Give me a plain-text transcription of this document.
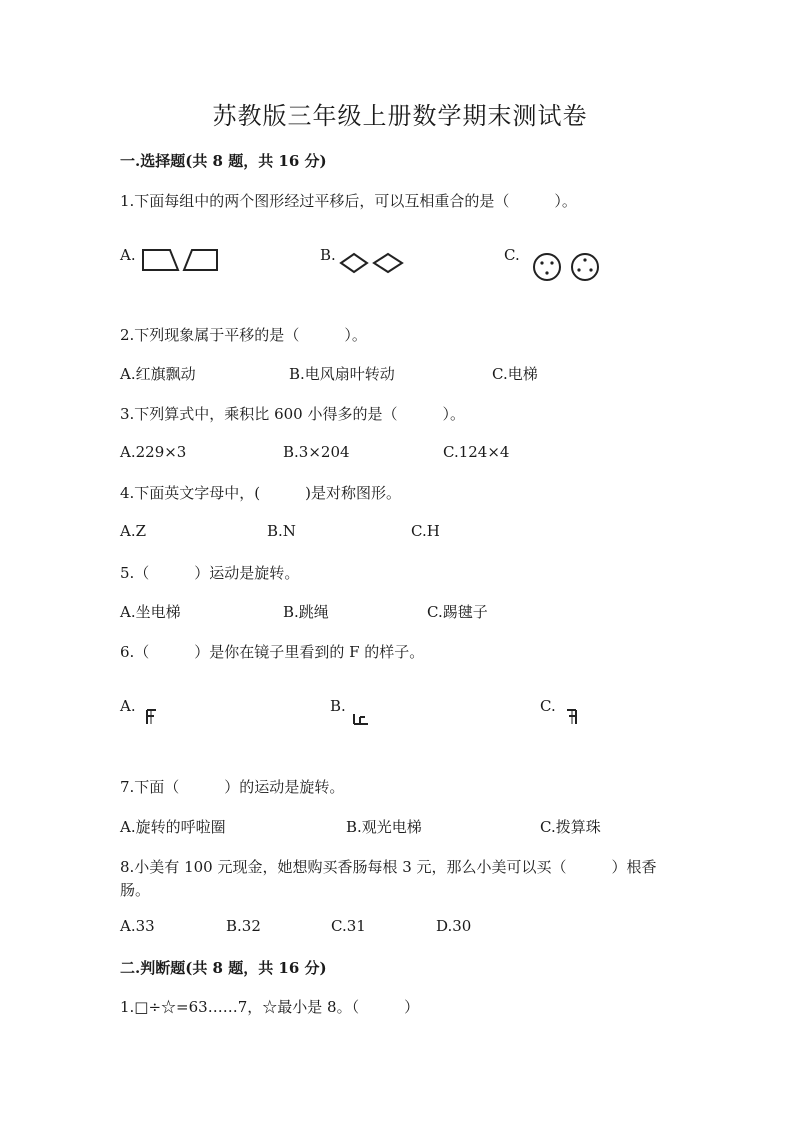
苏教版三年级上册数学期末测试卷
一.选择题(共 8 题，共 16 分)
1.下面每组中的两个图形经过平移后，可以互相重合的是（　　　）。
A.	B.	C.
2.下列现象属于平移的是（　　　）。
A.红旗飘动	B.电风扇叶转动	C.电梯
3.下列算式中，乘积比 600 小得多的是（　　　）。
A.229×3	B.3×204	C.124×4
4.下面英文字母中，(　　　)是对称图形。
A.Z	B.N	C.H
5.（　　　）运动是旋转。
A.坐电梯	B.跳绳	C.踢毽子
6.（　　　）是你在镜子里看到的 F 的样子。
A.	B.	C.
7.下面（　　　）的运动是旋转。
A.旋转的呼啦圈	B.观光电梯	C.拨算珠
8.小美有 100 元现金，她想购买香肠每根 3 元，那么小美可以买（　　　）根香
肠。
A.33	B.32	C.31	D.30
二.判断题(共 8 题，共 16 分)
1.□÷☆=63……7，☆最小是 8。（　　　）
